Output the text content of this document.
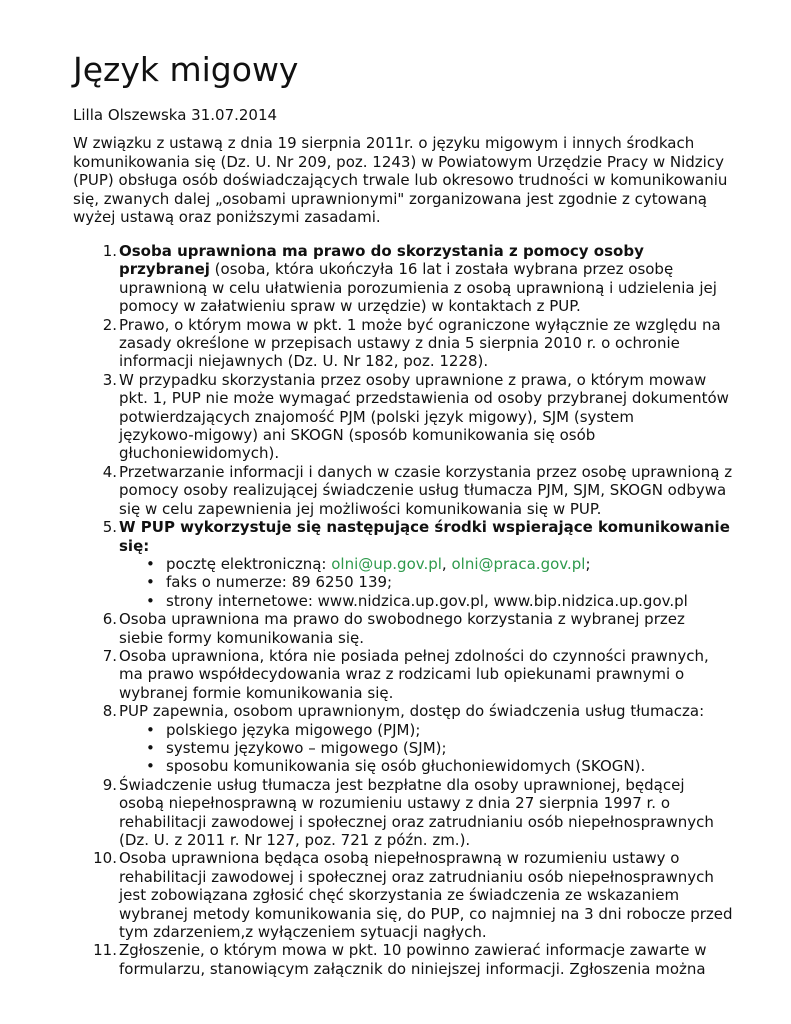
Język migowy

Lilla Olszewska 31.07.2014

W związku z ustawą z dnia 19 sierpnia 2011r. o języku migowym i innych środkach
komunikowania się (Dz. U. Nr 209, poz. 1243) w Powiatowym Urzędzie Pracy w Nidzicy
(PUP) obsługa osób doświadczających trwale lub okresowo trudności w komunikowaniu
się, zwanych dalej „osobami uprawnionymi" zorganizowana jest zgodnie z cytowaną
wyżej ustawą oraz poniższymi zasadami.

1. Osoba uprawniona ma prawo do skorzystania z pomocy osoby
przybranej (osoba, która ukończyła 16 lat i została wybrana przez osobę
uprawnioną w celu ułatwienia porozumienia z osobą uprawnioną i udzielenia jej
pomocy w załatwieniu spraw w urzędzie) w kontaktach z PUP.
2. Prawo, o którym mowa w pkt. 1 może być ograniczone wyłącznie ze względu na
zasady określone w przepisach ustawy z dnia 5 sierpnia 2010 r. o ochronie
informacji niejawnych (Dz. U. Nr 182, poz. 1228).
3. W przypadku skorzystania przez osoby uprawnione z prawa, o którym mowaw
pkt. 1, PUP nie może wymagać przedstawienia od osoby przybranej dokumentów
potwierdzających znajomość PJM (polski język migowy), SJM (system
językowo-migowy) ani SKOGN (sposób komunikowania się osób
głuchoniewidomych).
4. Przetwarzanie informacji i danych w czasie korzystania przez osobę uprawnioną z
pomocy osoby realizującej świadczenie usług tłumacza PJM, SJM, SKOGN odbywa
się w celu zapewnienia jej możliwości komunikowania się w PUP.
5. W PUP wykorzystuje się następujące środki wspierające komunikowanie
się:
• pocztę elektroniczną: olni@up.gov.pl, olni@praca.gov.pl;
• faks o numerze: 89 6250 139;
• strony internetowe: www.nidzica.up.gov.pl, www.bip.nidzica.up.gov.pl
6. Osoba uprawniona ma prawo do swobodnego korzystania z wybranej przez
siebie formy komunikowania się.
7. Osoba uprawniona, która nie posiada pełnej zdolności do czynności prawnych,
ma prawo współdecydowania wraz z rodzicami lub opiekunami prawnymi o
wybranej formie komunikowania się.
8. PUP zapewnia, osobom uprawnionym, dostęp do świadczenia usług tłumacza:
• polskiego języka migowego (PJM);
• systemu językowo – migowego (SJM);
• sposobu komunikowania się osób głuchoniewidomych (SKOGN).
9. Świadczenie usług tłumacza jest bezpłatne dla osoby uprawnionej, będącej
osobą niepełnosprawną w rozumieniu ustawy z dnia 27 sierpnia 1997 r. o
rehabilitacji zawodowej i społecznej oraz zatrudnianiu osób niepełnosprawnych
(Dz. U. z 2011 r. Nr 127, poz. 721 z późn. zm.).
10. Osoba uprawniona będąca osobą niepełnosprawną w rozumieniu ustawy o
rehabilitacji zawodowej i społecznej oraz zatrudnianiu osób niepełnosprawnych
jest zobowiązana zgłosić chęć skorzystania ze świadczenia ze wskazaniem
wybranej metody komunikowania się, do PUP, co najmniej na 3 dni robocze przed
tym zdarzeniem,z wyłączeniem sytuacji nagłych.
11. Zgłoszenie, o którym mowa w pkt. 10 powinno zawierać informacje zawarte w
formularzu, stanowiącym załącznik do niniejszej informacji. Zgłoszenia można
